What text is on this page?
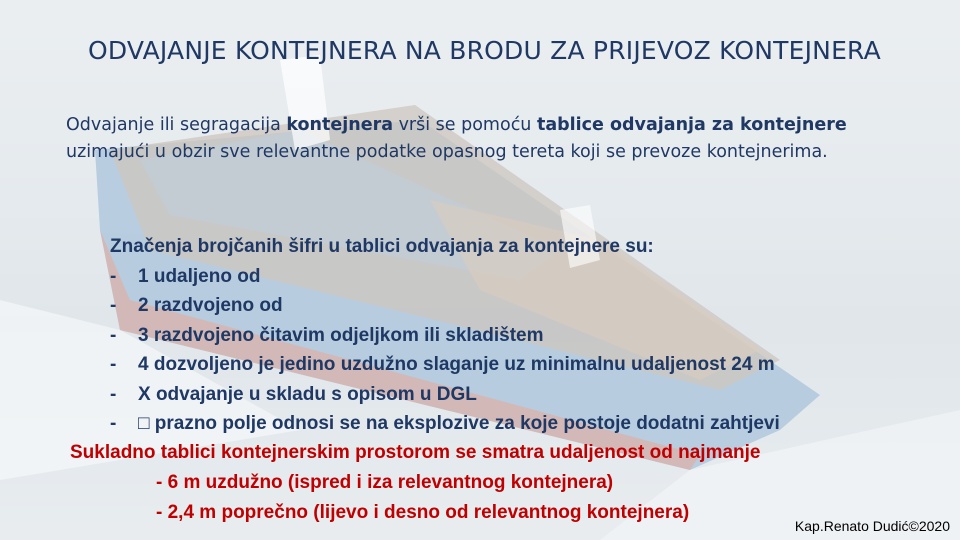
ODVAJANJE KONTEJNERA NA BRODU ZA PRIJEVOZ KONTEJNERA
Odvajanje ili segragacija kontejnera vrši se pomoću tablice odvajanja za kontejnere uzimajući u obzir sve relevantne podatke opasnog tereta koji se prevoze kontejnerima.
Značenja brojčanih šifri u tablici odvajanja za kontejnere su:
-	1 udaljeno od
-	2 razdvojeno od
-	3 razdvojeno čitavim odjeljkom ili skladištem
-	4 dozvoljeno je jedino uzdužno slaganje uz minimalnu udaljenost 24 m
-	X odvajanje u skladu s opisom u DGL
-	□ prazno polje odnosi se na eksplozive za koje postoje dodatni zahtjevi
Sukladno tablici kontejnerskim prostorom se smatra udaljenost od najmanje
- 6 m uzdužno (ispred i iza relevantnog kontejnera)
- 2,4 m poprečno (lijevo i desno od relevantnog kontejnera)
Kap.Renato Dudić©2020
